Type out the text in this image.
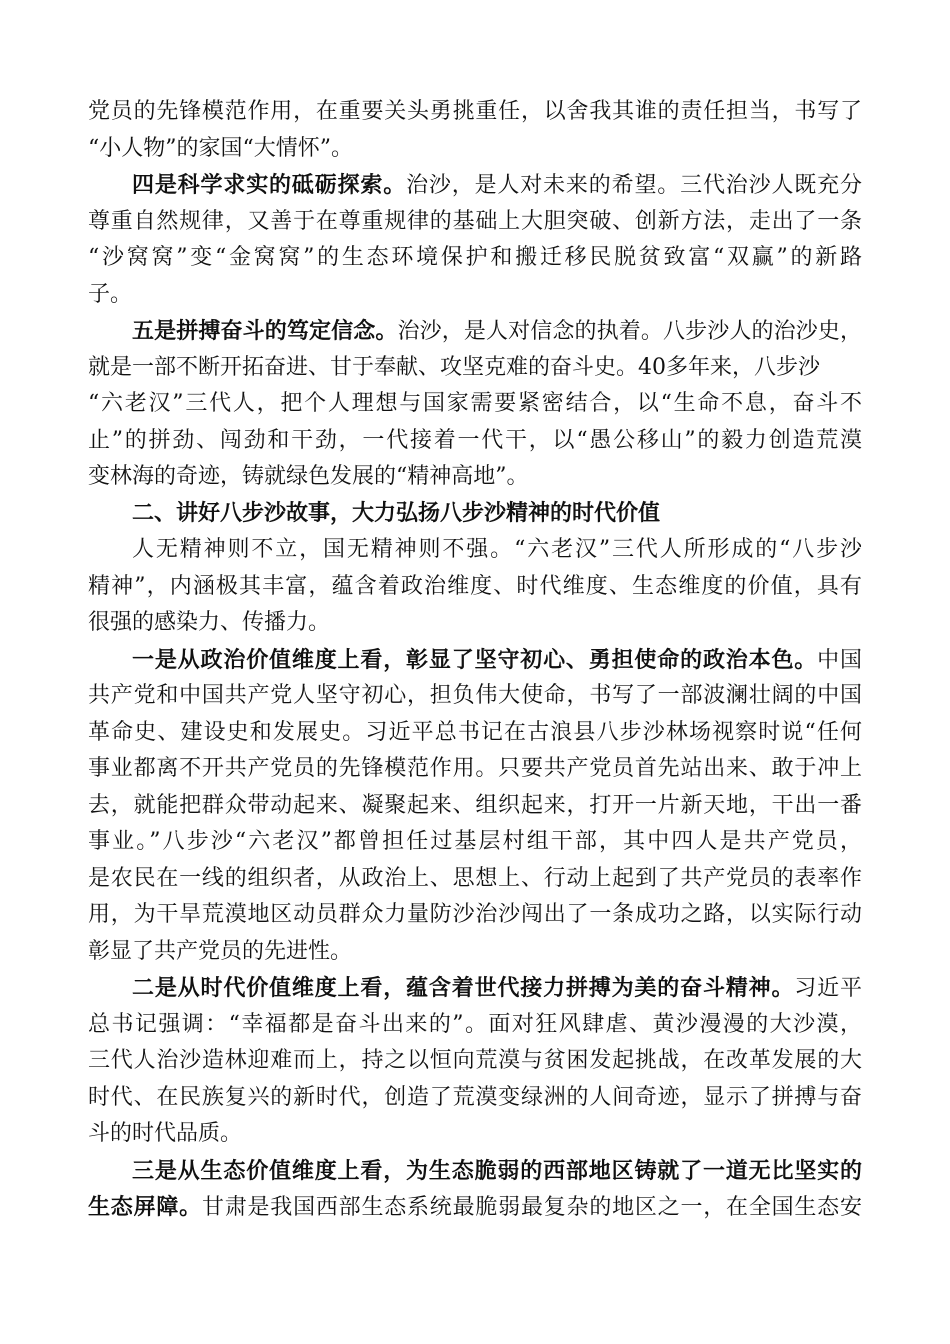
党员的先锋模范作用，在重要关头勇挑重任，以舍我其谁的责任担当，书写了
“小人物”的家国“大情怀”。
四是科学求实的砥砺探索。治沙，是人对未来的希望。三代治沙人既充分
尊重自然规律，又善于在尊重规律的基础上大胆突破、创新方法，走出了一条
“沙窝窝”变“金窝窝”的生态环境保护和搬迁移民脱贫致富“双赢”的新路
子。
五是拼搏奋斗的笃定信念。治沙，是人对信念的执着。八步沙人的治沙史，
就是一部不断开拓奋进、甘于奉献、攻坚克难的奋斗史。40多年来，八步沙
“六老汉”三代人，把个人理想与国家需要紧密结合，以“生命不息，奋斗不
止”的拼劲、闯劲和干劲，一代接着一代干，以“愚公移山”的毅力创造荒漠
变林海的奇迹，铸就绿色发展的“精神高地”。
二、讲好八步沙故事，大力弘扬八步沙精神的时代价值
人无精神则不立，国无精神则不强。“六老汉”三代人所形成的“八步沙
精神”，内涵极其丰富，蕴含着政治维度、时代维度、生态维度的价值，具有
很强的感染力、传播力。
一是从政治价值维度上看，彰显了坚守初心、勇担使命的政治本色。中国
共产党和中国共产党人坚守初心，担负伟大使命，书写了一部波澜壮阔的中国
革命史、建设史和发展史。习近平总书记在古浪县八步沙林场视察时说“任何
事业都离不开共产党员的先锋模范作用。只要共产党员首先站出来、敢于冲上
去，就能把群众带动起来、凝聚起来、组织起来，打开一片新天地，干出一番
事业。”八步沙“六老汉”都曾担任过基层村组干部，其中四人是共产党员，
是农民在一线的组织者，从政治上、思想上、行动上起到了共产党员的表率作
用，为干旱荒漠地区动员群众力量防沙治沙闯出了一条成功之路，以实际行动
彰显了共产党员的先进性。
二是从时代价值维度上看，蕴含着世代接力拼搏为美的奋斗精神。习近平
总书记强调：“幸福都是奋斗出来的”。面对狂风肆虐、黄沙漫漫的大沙漠，
三代人治沙造林迎难而上，持之以恒向荒漠与贫困发起挑战，在改革发展的大
时代、在民族复兴的新时代，创造了荒漠变绿洲的人间奇迹，显示了拼搏与奋
斗的时代品质。
三是从生态价值维度上看，为生态脆弱的西部地区铸就了一道无比坚实的
生态屏障。甘肃是我国西部生态系统最脆弱最复杂的地区之一，在全国生态安
